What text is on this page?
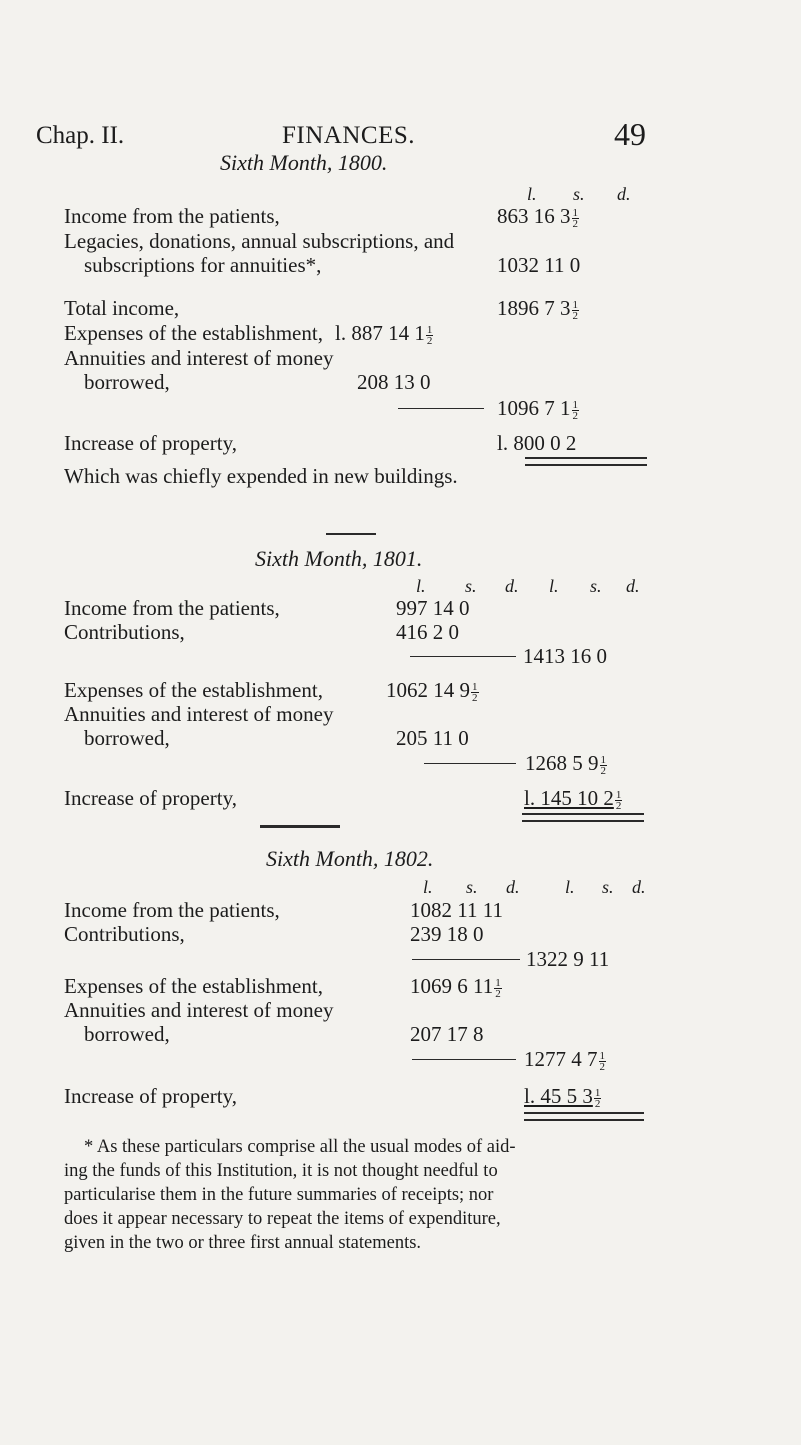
Chap. II.	FINANCES.	49
Sixth Month, 1800.
l. s. d.
Income from the patients,	863 16 $3 \frac{1}{2}$
Legacies, donations, annual subscriptions, and
subscriptions for annuities*,	1032 11 0
Total income,	1896 7 $3 \frac{1}{2}$
Expenses of the establishment, l. 887 14 $1 \frac{1}{2}$
Annuities and interest of money
borrowed,	208 13 0
1096 7 $1 \frac{1}{2}$
Increase of property,	l. 800 0 2
Which was chiefly expended in new buildings.
Sixth Month, 1801.
l. s. d. l. s. d.
Income from the patients,	997 14 0
Contributions,	416 2 0
1413 16 0
Expenses of the establishment,	1062 14 $9 \frac{1}{2}$
Annuities and interest of money
borrowed,	205 11 0
1268 5 $9 \frac{1}{2}$
Increase of property,	l. 145 10 $2 \frac{1}{2}$
Sixth Month, 1802.
l. s. d.	l. s. d.
Income from the patients,	1082 11 11
Contributions,	239 18 0
1322 9 11
Expenses of the establishment,	1069 6 $11 \frac{1}{2}$
Annuities and interest of money
borrowed,	207 17 8
1277 4 $7 \frac{1}{2}$
Increase of property,	l. 45 5 $3 \frac{1}{2}$
* As these particulars comprise all the usual modes of aid-
ing the funds of this Institution, it is not thought needful to
particularise them in the future summaries of receipts; nor
does it appear necessary to repeat the items of expenditure,
given in the two or three first annual statements.
